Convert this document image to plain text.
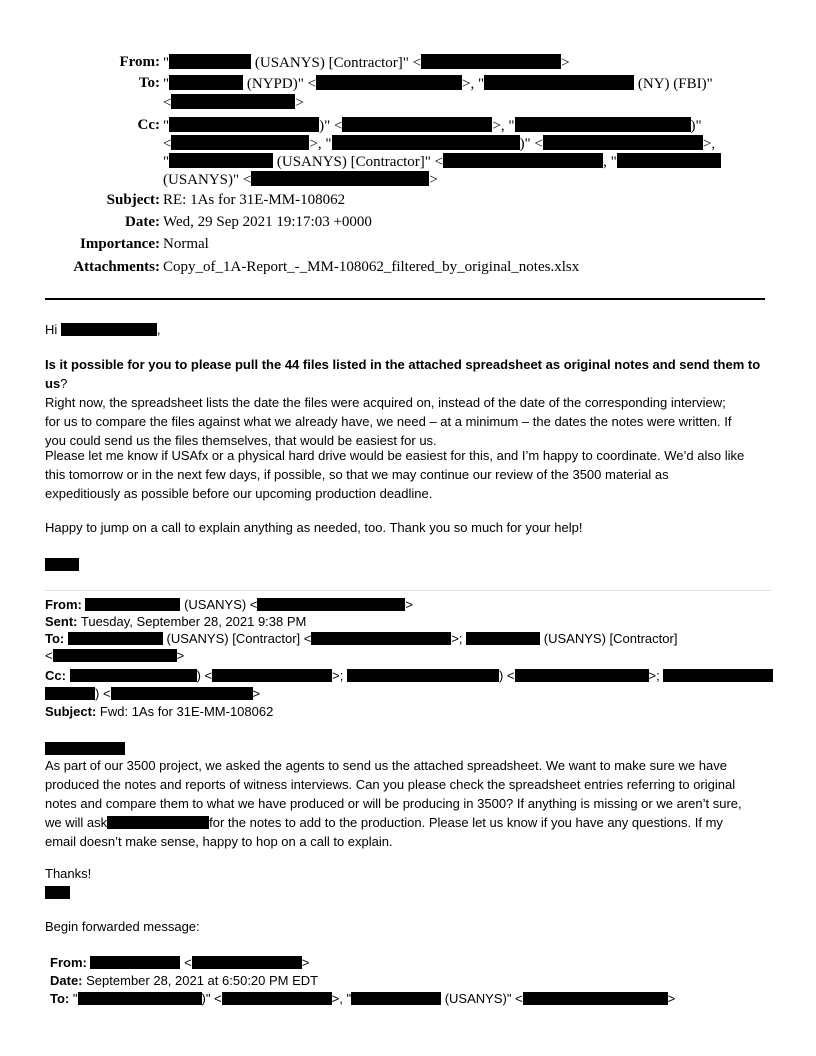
From: "	(USANYS) [Contractor]" <	>
To: "	(NYPD)" <	>, "	(NY) (FBI)"
<	>
Cc: "	)" <	>, "	)"
<	>, "	)" <	>,
"	(USANYS) [Contractor]" <	, "
(USANYS)" <	>
Subject: RE: 1As for 31E-MM-108062
Date: Wed, 29 Sep 2021 19:17:03 +0000
Importance: Normal
Attachments: Copy_of_1A-Report_-_MM-108062_filtered_by_original_notes.xlsx
Hi	,
Is it possible for you to please pull the 44 files listed in the attached spreadsheet as original notes and send them to us?
Right now, the spreadsheet lists the date the files were acquired on, instead of the date of the corresponding interview;
for us to compare the files against what we already have, we need – at a minimum – the dates the notes were written. If
you could send us the files themselves, that would be easiest for us.
Please let me know if USAfx or a physical hard drive would be easiest for this, and I’m happy to coordinate. We’d also like
this tomorrow or in the next few days, if possible, so that we may continue our review of the 3500 material as
expeditiously as possible before our upcoming production deadline.
Happy to jump on a call to explain anything as needed, too. Thank you so much for your help!
From:	(USANYS) <	>
Sent: Tuesday, September 28, 2021 9:38 PM
To:	(USANYS) [Contractor] <	>;	(USANYS) [Contractor]
<	>
Cc:	) <	>;	) <	>;
) <	>
Subject: Fwd: 1As for 31E-MM-108062
As part of our 3500 project, we asked the agents to send us the attached spreadsheet. We want to make sure we have
produced the notes and reports of witness interviews. Can you please check the spreadsheet entries referring to original
notes and compare them to what we have produced or will be producing in 3500? If anything is missing or we aren’t sure,
we will ask	for the notes to add to the production. Please let us know if you have any questions. If my
email doesn’t make sense, happy to hop on a call to explain.
Thanks!
Begin forwarded message:
From:	<	>
Date: September 28, 2021 at 6:50:20 PM EDT
To: "	)" <	>, "	(USANYS)" <	>
